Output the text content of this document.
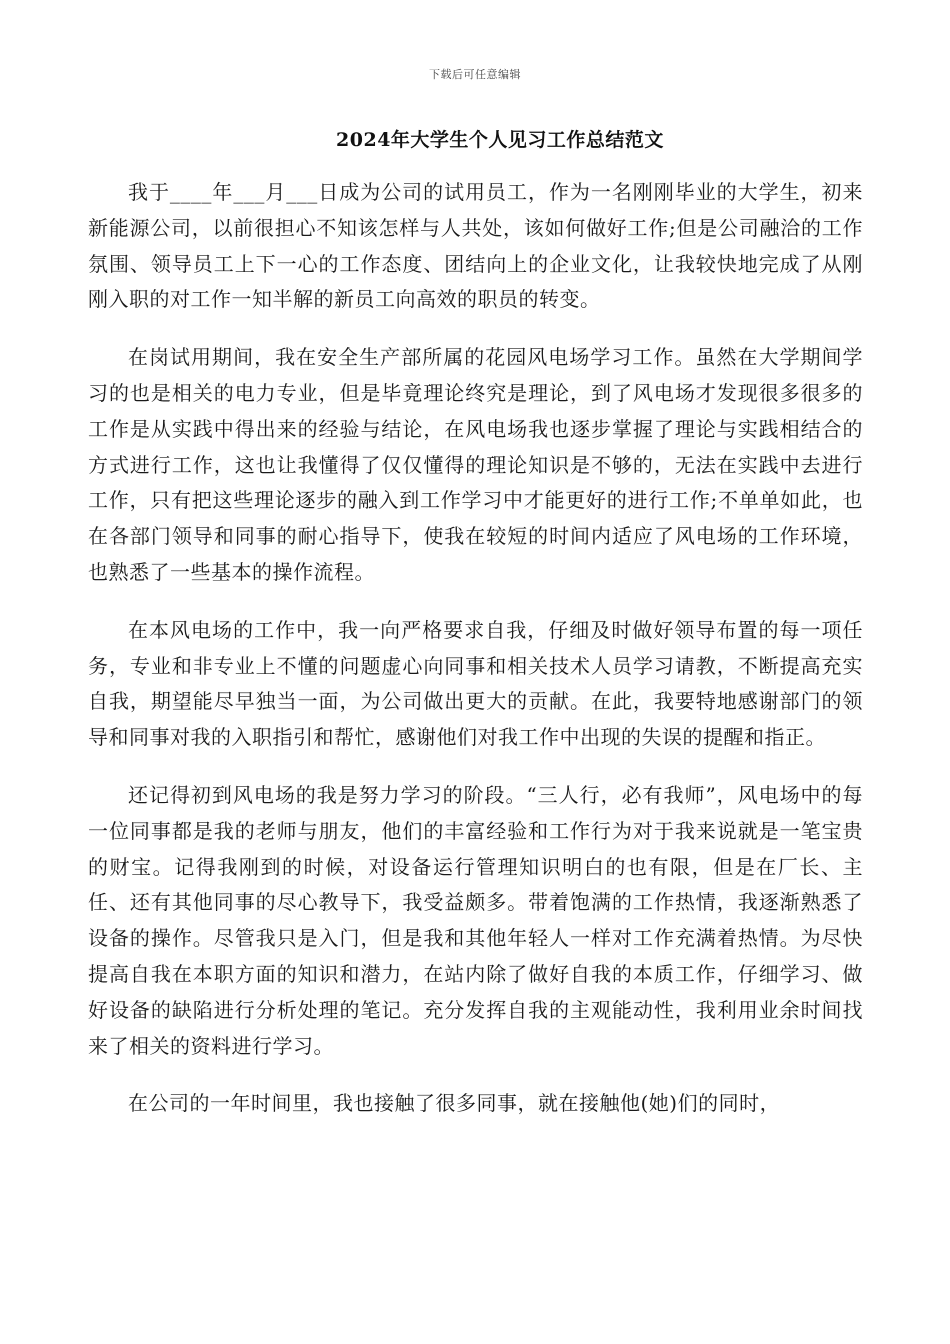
下载后可任意编辑
2024年大学生个人见习工作总结范文

我于____年___月___日成为公司的试用员工，作为一名刚刚毕业的大学生，初来新能源公司，以前很担心不知该怎样与人共处，该如何做好工作;但是公司融洽的工作氛围、领导员工上下一心的工作态度、团结向上的企业文化，让我较快地完成了从刚刚入职的对工作一知半解的新员工向高效的职员的转变。

在岗试用期间，我在安全生产部所属的花园风电场学习工作。虽然在大学期间学习的也是相关的电力专业，但是毕竟理论终究是理论，到了风电场才发现很多很多的工作是从实践中得出来的经验与结论，在风电场我也逐步掌握了理论与实践相结合的方式进行工作，这也让我懂得了仅仅懂得的理论知识是不够的，无法在实践中去进行工作，只有把这些理论逐步的融入到工作学习中才能更好的进行工作;不单单如此，也在各部门领导和同事的耐心指导下，使我在较短的时间内适应了风电场的工作环境，也熟悉了一些基本的操作流程。

在本风电场的工作中，我一向严格要求自我，仔细及时做好领导布置的每一项任务，专业和非专业上不懂的问题虚心向同事和相关技术人员学习请教，不断提高充实自我，期望能尽早独当一面，为公司做出更大的贡献。在此，我要特地感谢部门的领导和同事对我的入职指引和帮忙，感谢他们对我工作中出现的失误的提醒和指正。

还记得初到风电场的我是努力学习的阶段。“三人行，必有我师”，风电场中的每一位同事都是我的老师与朋友，他们的丰富经验和工作行为对于我来说就是一笔宝贵的财宝。记得我刚到的时候，对设备运行管理知识明白的也有限，但是在厂长、主任、还有其他同事的尽心教导下，我受益颇多。带着饱满的工作热情，我逐渐熟悉了设备的操作。尽管我只是入门，但是我和其他年轻人一样对工作充满着热情。为尽快提高自我在本职方面的知识和潜力，在站内除了做好自我的本质工作，仔细学习、做好设备的缺陷进行分析处理的笔记。充分发挥自我的主观能动性，我利用业余时间找来了相关的资料进行学习。

在公司的一年时间里，我也接触了很多同事，就在接触他(她)们的同时，
